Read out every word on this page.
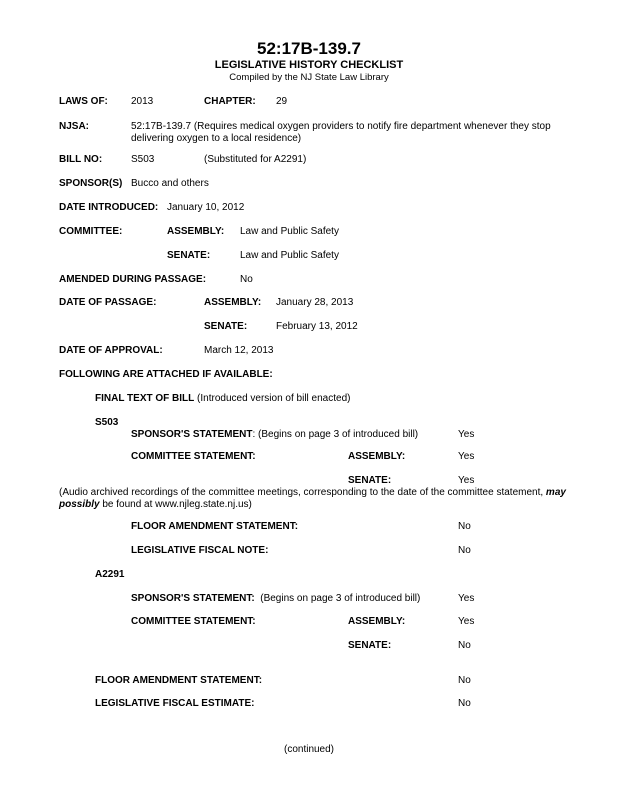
52:17B-139.7
LEGISLATIVE HISTORY CHECKLIST
Compiled by the NJ State Law Library
LAWS OF: 2013	CHAPTER: 29
NJSA:	52:17B-139.7 (Requires medical oxygen providers to notify fire department whenever they stop delivering oxygen to a local residence)
BILL NO:	S503	(Substituted for A2291)
SPONSOR(S) Bucco and others
DATE INTRODUCED: January 10, 2012
COMMITTEE:	ASSEMBLY: Law and Public Safety
SENATE:	Law and Public Safety
AMENDED DURING PASSAGE:	No
DATE OF PASSAGE:	ASSEMBLY: January 28, 2013
SENATE:	February 13, 2012
DATE OF APPROVAL:	March 12, 2013
FOLLOWING ARE ATTACHED IF AVAILABLE:
FINAL TEXT OF BILL (Introduced version of bill enacted)
S503
SPONSOR'S STATEMENT: (Begins on page 3 of introduced bill)	Yes
COMMITTEE STATEMENT:	ASSEMBLY:	Yes
SENATE:	Yes
(Audio archived recordings of the committee meetings, corresponding to the date of the committee statement, may possibly be found at www.njleg.state.nj.us)
FLOOR AMENDMENT STATEMENT:	No
LEGISLATIVE FISCAL NOTE:	No
A2291
SPONSOR'S STATEMENT: (Begins on page 3 of introduced bill)	Yes
COMMITTEE STATEMENT:	ASSEMBLY:	Yes
SENATE:	No
FLOOR AMENDMENT STATEMENT:	No
LEGISLATIVE FISCAL ESTIMATE:	No
(continued)
